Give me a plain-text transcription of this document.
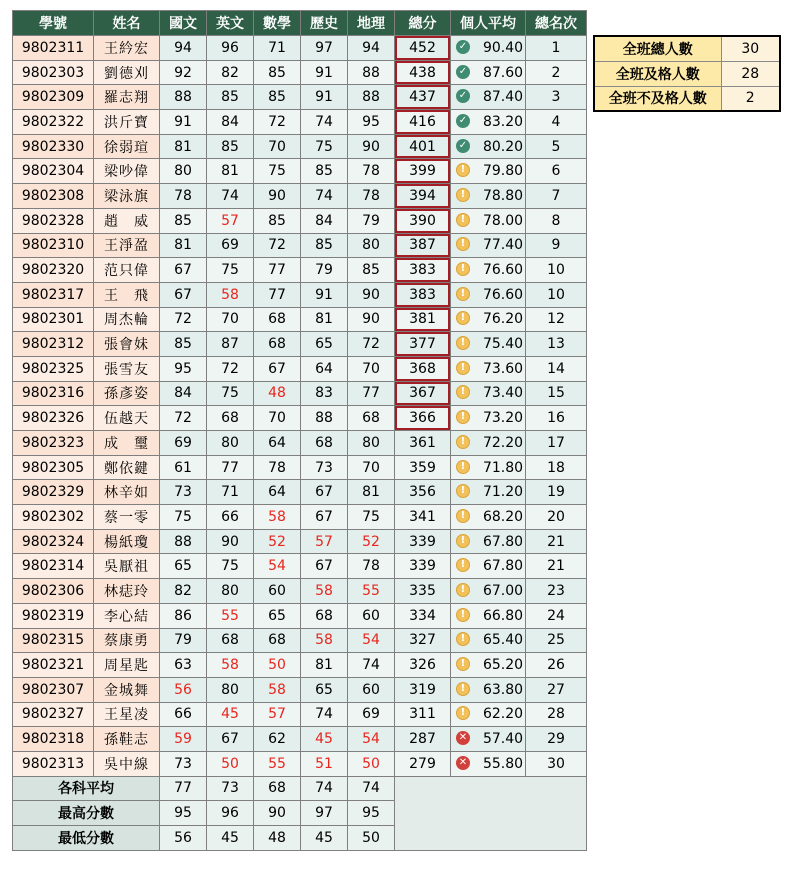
學號	姓名	國文	英文	數學	歷史	地理	總分	個人平均	總名次
9802311	王紟宏	94	96	71	97	94	452	✓ 90.40	1
9802303	劉德刈	92	82	85	91	88	438	✓ 87.60	2
9802309	羅志翔	88	85	85	91	88	437	✓ 87.40	3
9802322	洪斤寶	91	84	72	74	95	416	✓ 83.20	4
9802330	徐弱瑄	81	85	70	75	90	401	✓ 80.20	5
9802304	梁吵偉	80	81	75	85	78	399	! 79.80	6
9802308	梁泳旗	78	74	90	74	78	394	! 78.80	7
9802328	趙　威	85	57	85	84	79	390	! 78.00	8
9802310	王淨盈	81	69	72	85	80	387	! 77.40	9
9802320	范只偉	67	75	77	79	85	383	! 76.60	10
9802317	王　飛	67	58	77	91	90	383	! 76.60	10
9802301	周杰輪	72	70	68	81	90	381	! 76.20	12
9802312	張會妹	85	87	68	65	72	377	! 75.40	13
9802325	張雪友	95	72	67	64	70	368	! 73.60	14
9802316	孫彥姿	84	75	48	83	77	367	! 73.40	15
9802326	伍越天	72	68	70	88	68	366	! 73.20	16
9802323	成　璽	69	80	64	68	80	361	! 72.20	17
9802305	鄭依鍵	61	77	78	73	70	359	! 71.80	18
9802329	林辛如	73	71	64	67	81	356	! 71.20	19
9802302	蔡一零	75	66	58	67	75	341	! 68.20	20
9802324	楊紙瓊	88	90	52	57	52	339	! 67.80	21
9802314	吳厭祖	65	75	54	67	78	339	! 67.80	21
9802306	林痣玲	82	80	60	58	55	335	! 67.00	23
9802319	李心結	86	55	65	68	60	334	! 66.80	24
9802315	蔡康勇	79	68	68	58	54	327	! 65.40	25
9802321	周星匙	63	58	50	81	74	326	! 65.20	26
9802307	金城舞	56	80	58	65	60	319	! 63.80	27
9802327	王星凌	66	45	57	74	69	311	! 62.20	28
9802318	孫鞋志	59	67	62	45	54	287	✕ 57.40	29
9802313	吳中線	73	50	55	51	50	279	✕ 55.80	30
各科平均		77	73	68	74	74			
最高分數		95	96	90	97	95			
最低分數		56	45	48	45	50			
全班總人數	30
全班及格人數	28
全班不及格人數	2
